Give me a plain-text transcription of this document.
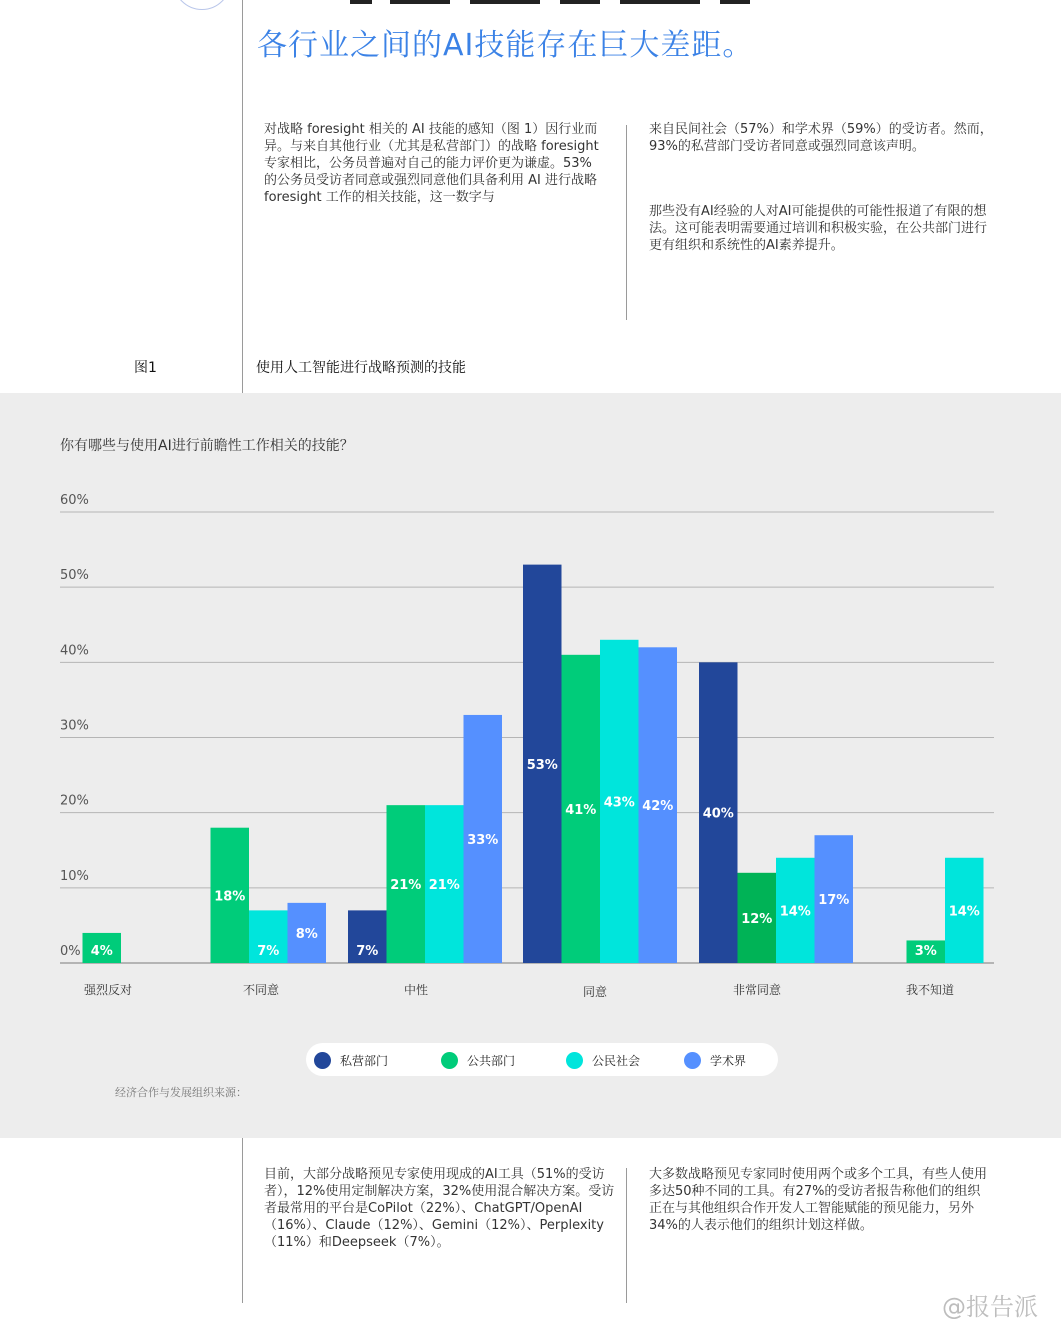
各行业之间的AI技能存在巨大差距。

对战略 foresight 相关的 AI 技能的感知（图 1）因行业而异。与来自其他行业（尤其是私营部门）的战略 foresight 专家相比，公务员普遍对自己的能力评价更为谦虚。53% 的公务员受访者同意或强烈同意他们具备利用 AI 进行战略 foresight 工作的相关技能，这一数字与

来自民间社会（57%）和学术界（59%）的受访者。然而，93%的私营部门受访者同意或强烈同意该声明。

那些没有AI经验的人对AI可能提供的可能性报道了有限的想法。这可能表明需要通过培训和积极实验，在公共部门进行更有组织和系统性的AI素养提升。

图1	使用人工智能进行战略预测的技能
你有哪些与使用AI进行前瞻性工作相关的技能？
0%
10%
20%
30%
40%
50%
60%
4%
强烈反对
18%
7%
8%
不同意
7%
21% 21%
33%
中性
53%
41%
43% 42%
同意
40%
12%
14%
17%
非常同意
3%
14%
我不知道
私营部门	公共部门	公民社会	学术界
经济合作与发展组织来源：

目前，大部分战略预见专家使用现成的AI工具（51%的受访者），12%使用定制解决方案，32%使用混合解决方案。受访者最常用的平台是CoPilot（22%）、ChatGPT/OpenAI（16%）、Claude（12%）、Gemini（12%）、Perplexity（11%）和Deepseek（7%）。

大多数战略预见专家同时使用两个或多个工具，有些人使用多达50种不同的工具。有27%的受访者报告称他们的组织正在与其他组织合作开发人工智能赋能的预见能力，另外34%的人表示他们的组织计划这样做。

@报告派
